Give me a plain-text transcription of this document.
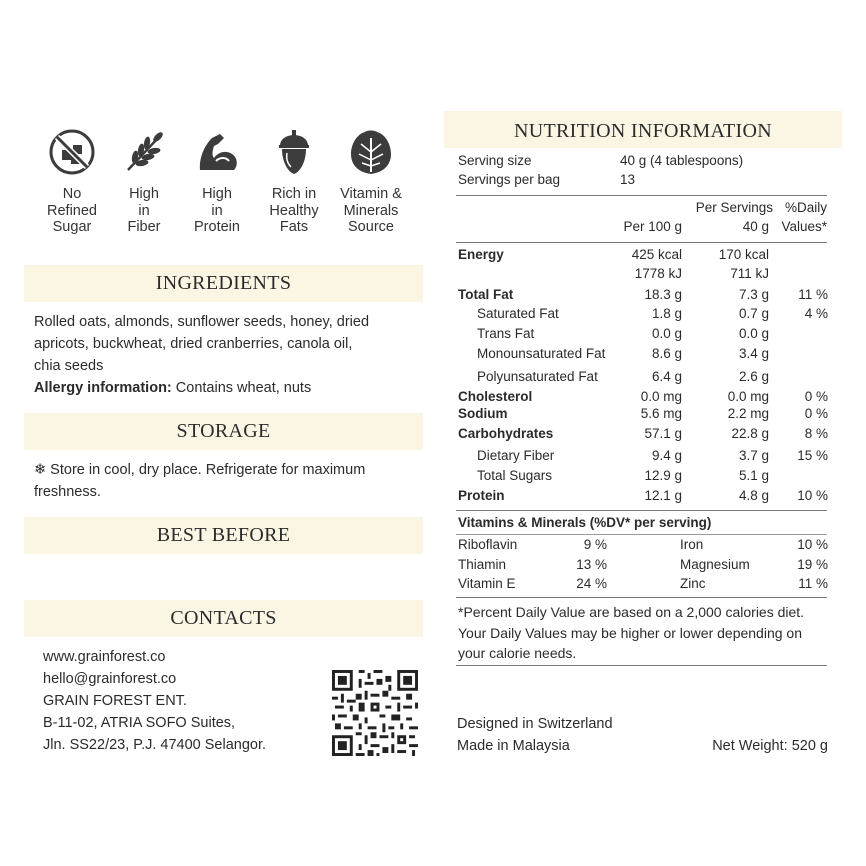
No
Refined
Sugar
High
in
Fiber
High
in
Protein
Rich in
Healthy
Fats
Vitamin &
Minerals
Source
INGREDIENTS
Rolled oats, almonds, sunflower seeds, honey, dried
apricots, buckwheat, dried cranberries, canola oil,
chia seeds
Allergy information: Contains wheat, nuts
STORAGE
❄ Store in cool, dry place. Refrigerate for maximum
freshness.
BEST BEFORE
CONTACTS
www.grainforest.co
hello@grainforest.co
GRAIN FOREST ENT.
B-11-02, ATRIA SOFO Suites,
Jln. SS22/23, P.J. 47400 Selangor.
NUTRITION INFORMATION
Serving size	40 g (4 tablespoons)
Servings per bag	13
Per Servings %Daily
Per 100 g	40 g Values*
Energy	425 kcal	170 kcal
1778 kJ	711 kJ
Total Fat	18.3 g	7.3 g 11 %
Saturated Fat	1.8 g	0.7 g	4 %
Trans Fat	0.0 g	0.0 g
Monounsaturated Fat	8.6 g	3.4 g
Polyunsaturated Fat	6.4 g	2.6 g
Cholesterol	0.0 mg	0.0 mg	0 %
Sodium	5.6 mg	2.2 mg	0 %
Carbohydrates	57.1 g	22.8 g	8 %
Dietary Fiber	9.4 g	3.7 g 15 %
Total Sugars	12.9 g	5.1 g
Protein	12.1 g	4.8 g 10 %
Vitamins & Minerals (%DV* per serving)
Riboflavin	9 %	Iron	10 %
Thiamin	13 %	Magnesium	19 %
Vitamin E	24 %	Zinc	11 %
*Percent Daily Value are based on a 2,000 calories diet.
Your Daily Values may be higher or lower depending on
your calorie needs.
Designed in Switzerland
Made in Malaysia	Net Weight: 520 g
